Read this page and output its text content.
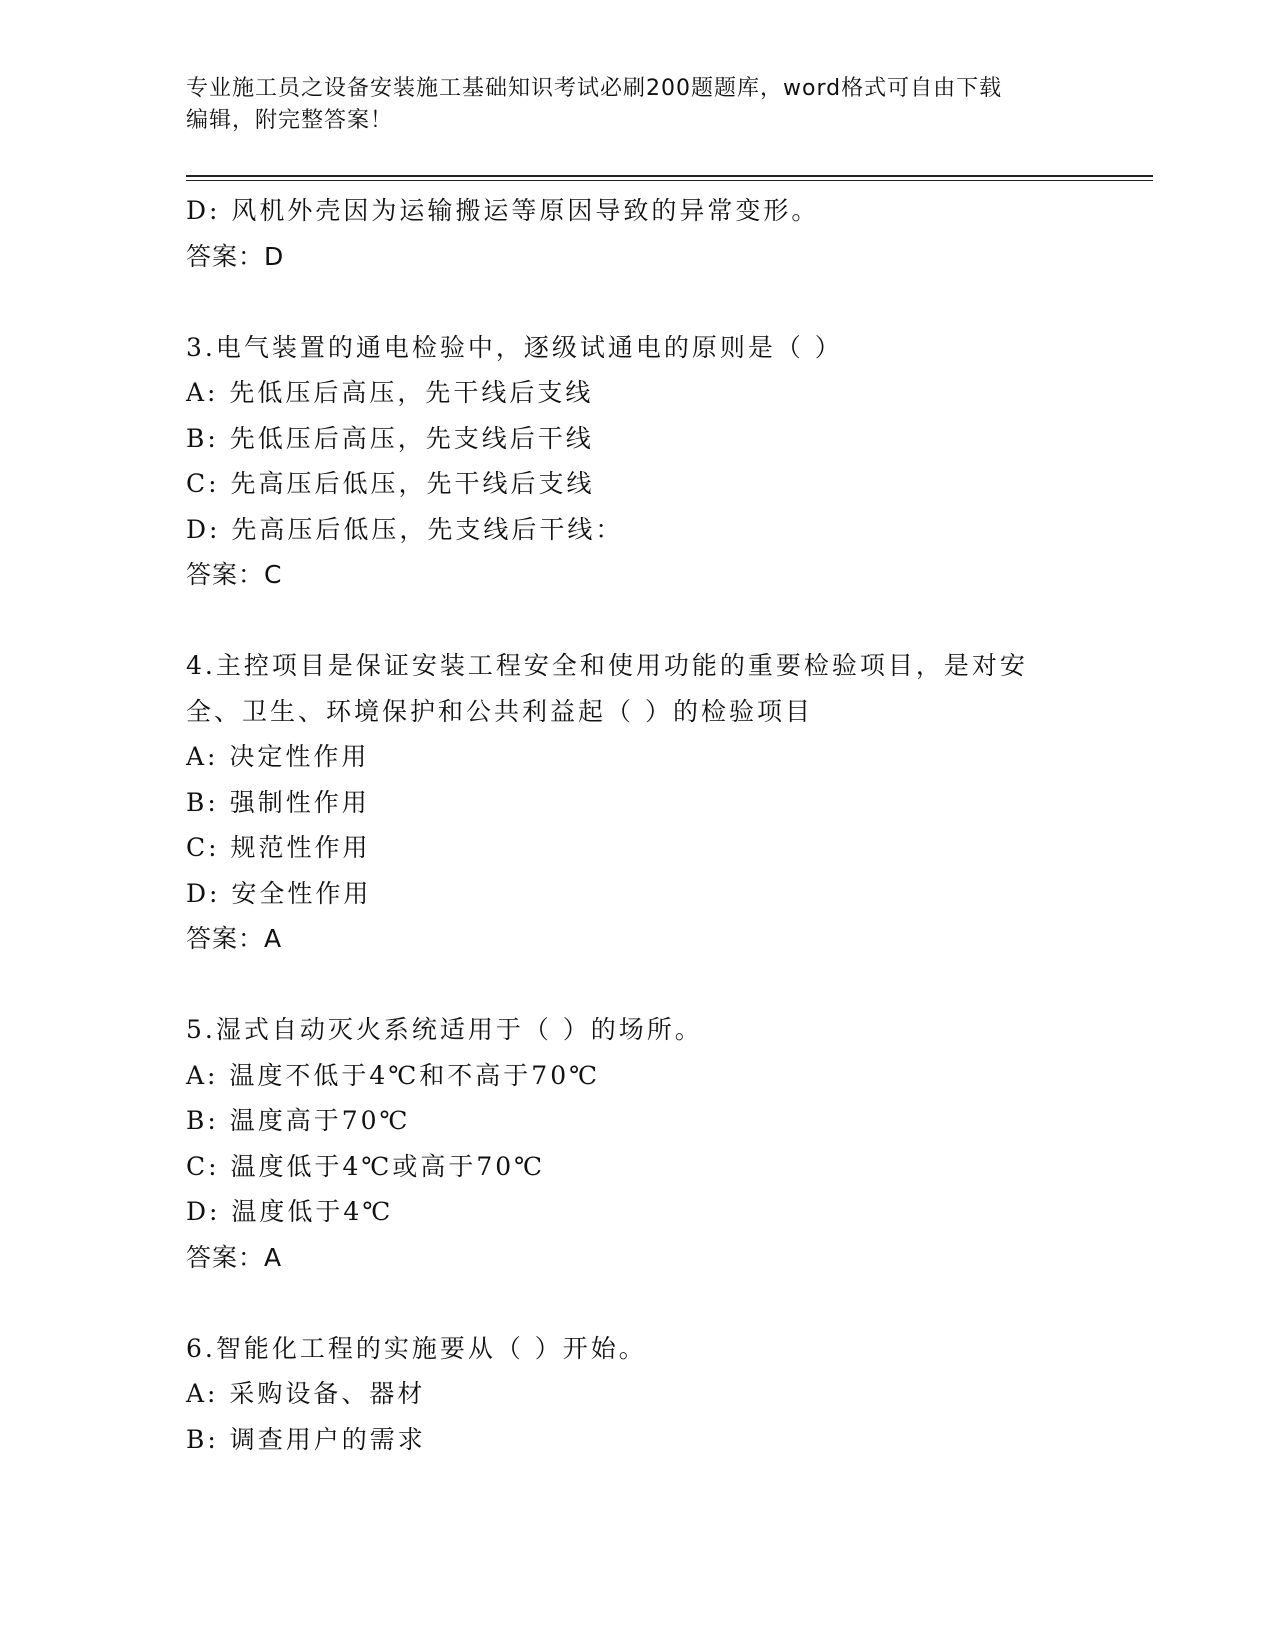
专业施工员之设备安装施工基础知识考试必刷200题题库，word格式可自由下载
编辑，附完整答案！
D: 风机外壳因为运输搬运等原因导致的异常变形。
答案：D
3.电气装置的通电检验中，逐级试通电的原则是（ ）
A: 先低压后高压，先干线后支线
B: 先低压后高压，先支线后干线
C: 先高压后低压，先干线后支线
D: 先高压后低压，先支线后干线：
答案：C
4.主控项目是保证安装工程安全和使用功能的重要检验项目，是对安
全、卫生、环境保护和公共利益起（ ）的检验项目
A: 决定性作用
B: 强制性作用
C: 规范性作用
D: 安全性作用
答案：A
5.湿式自动灭火系统适用于（ ）的场所。
A: 温度不低于4℃和不高于70℃
B: 温度高于70℃
C: 温度低于4℃或高于70℃
D: 温度低于4℃
答案：A
6.智能化工程的实施要从（ ）开始。
A: 采购设备、器材
B: 调查用户的需求
